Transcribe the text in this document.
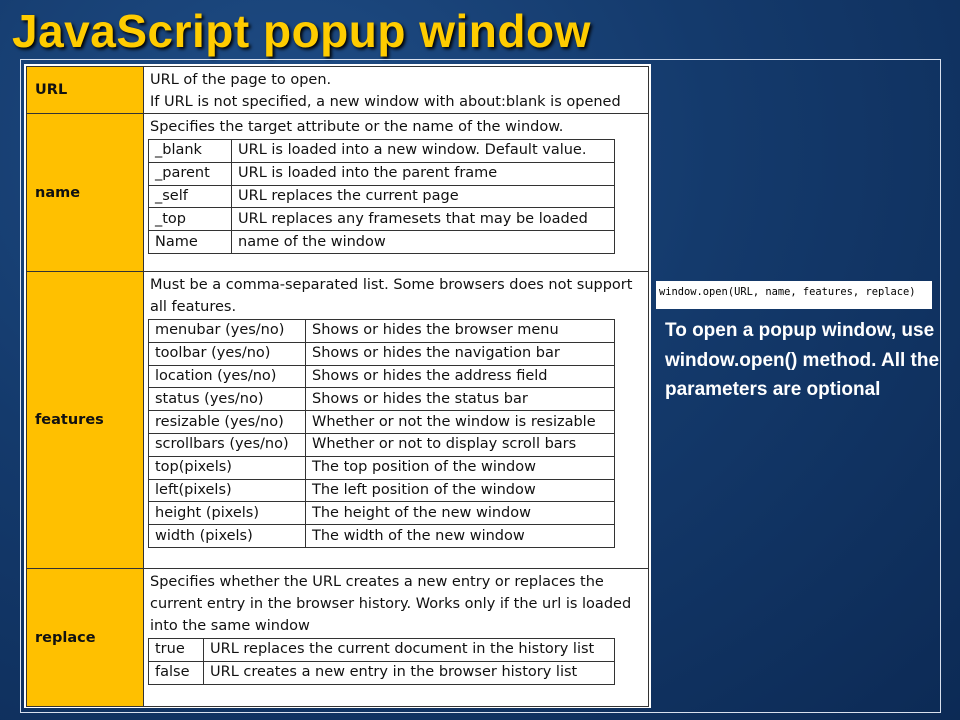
JavaScript popup window
URL	
URL of the page to open.
If URL is not specified, a new window with about:blank is opened

name	
Specifies the target attribute or the name of the window.
_blank	URL is loaded into a new window. Default value.
_parent	URL is loaded into the parent frame
_self	URL replaces the current page
_top	URL replaces any framesets that may be loaded
Name	name of the window

features	
Must be a comma-separated list. Some browsers does not support all features.
menubar (yes/no)	Shows or hides the browser menu
toolbar (yes/no)	Shows or hides the navigation bar
location (yes/no)	Shows or hides the address field
status (yes/no)	Shows or hides the status bar
resizable (yes/no)	Whether or not the window is resizable
scrollbars (yes/no)	Whether or not to display scroll bars
top(pixels)	The top position of the window
left(pixels)	The left position of the window
height (pixels)	The height of the new window
width (pixels)	The width of the new window

replace	
Specifies whether the URL creates a new entry or replaces the current entry in the browser history. Works only if the url is loaded into the same window
true	URL replaces the current document in the history list
false	URL creates a new entry in the browser history list
window.open(URL, name, features, replace)
To open a popup window, use window.open() method. All the parameters are optional
